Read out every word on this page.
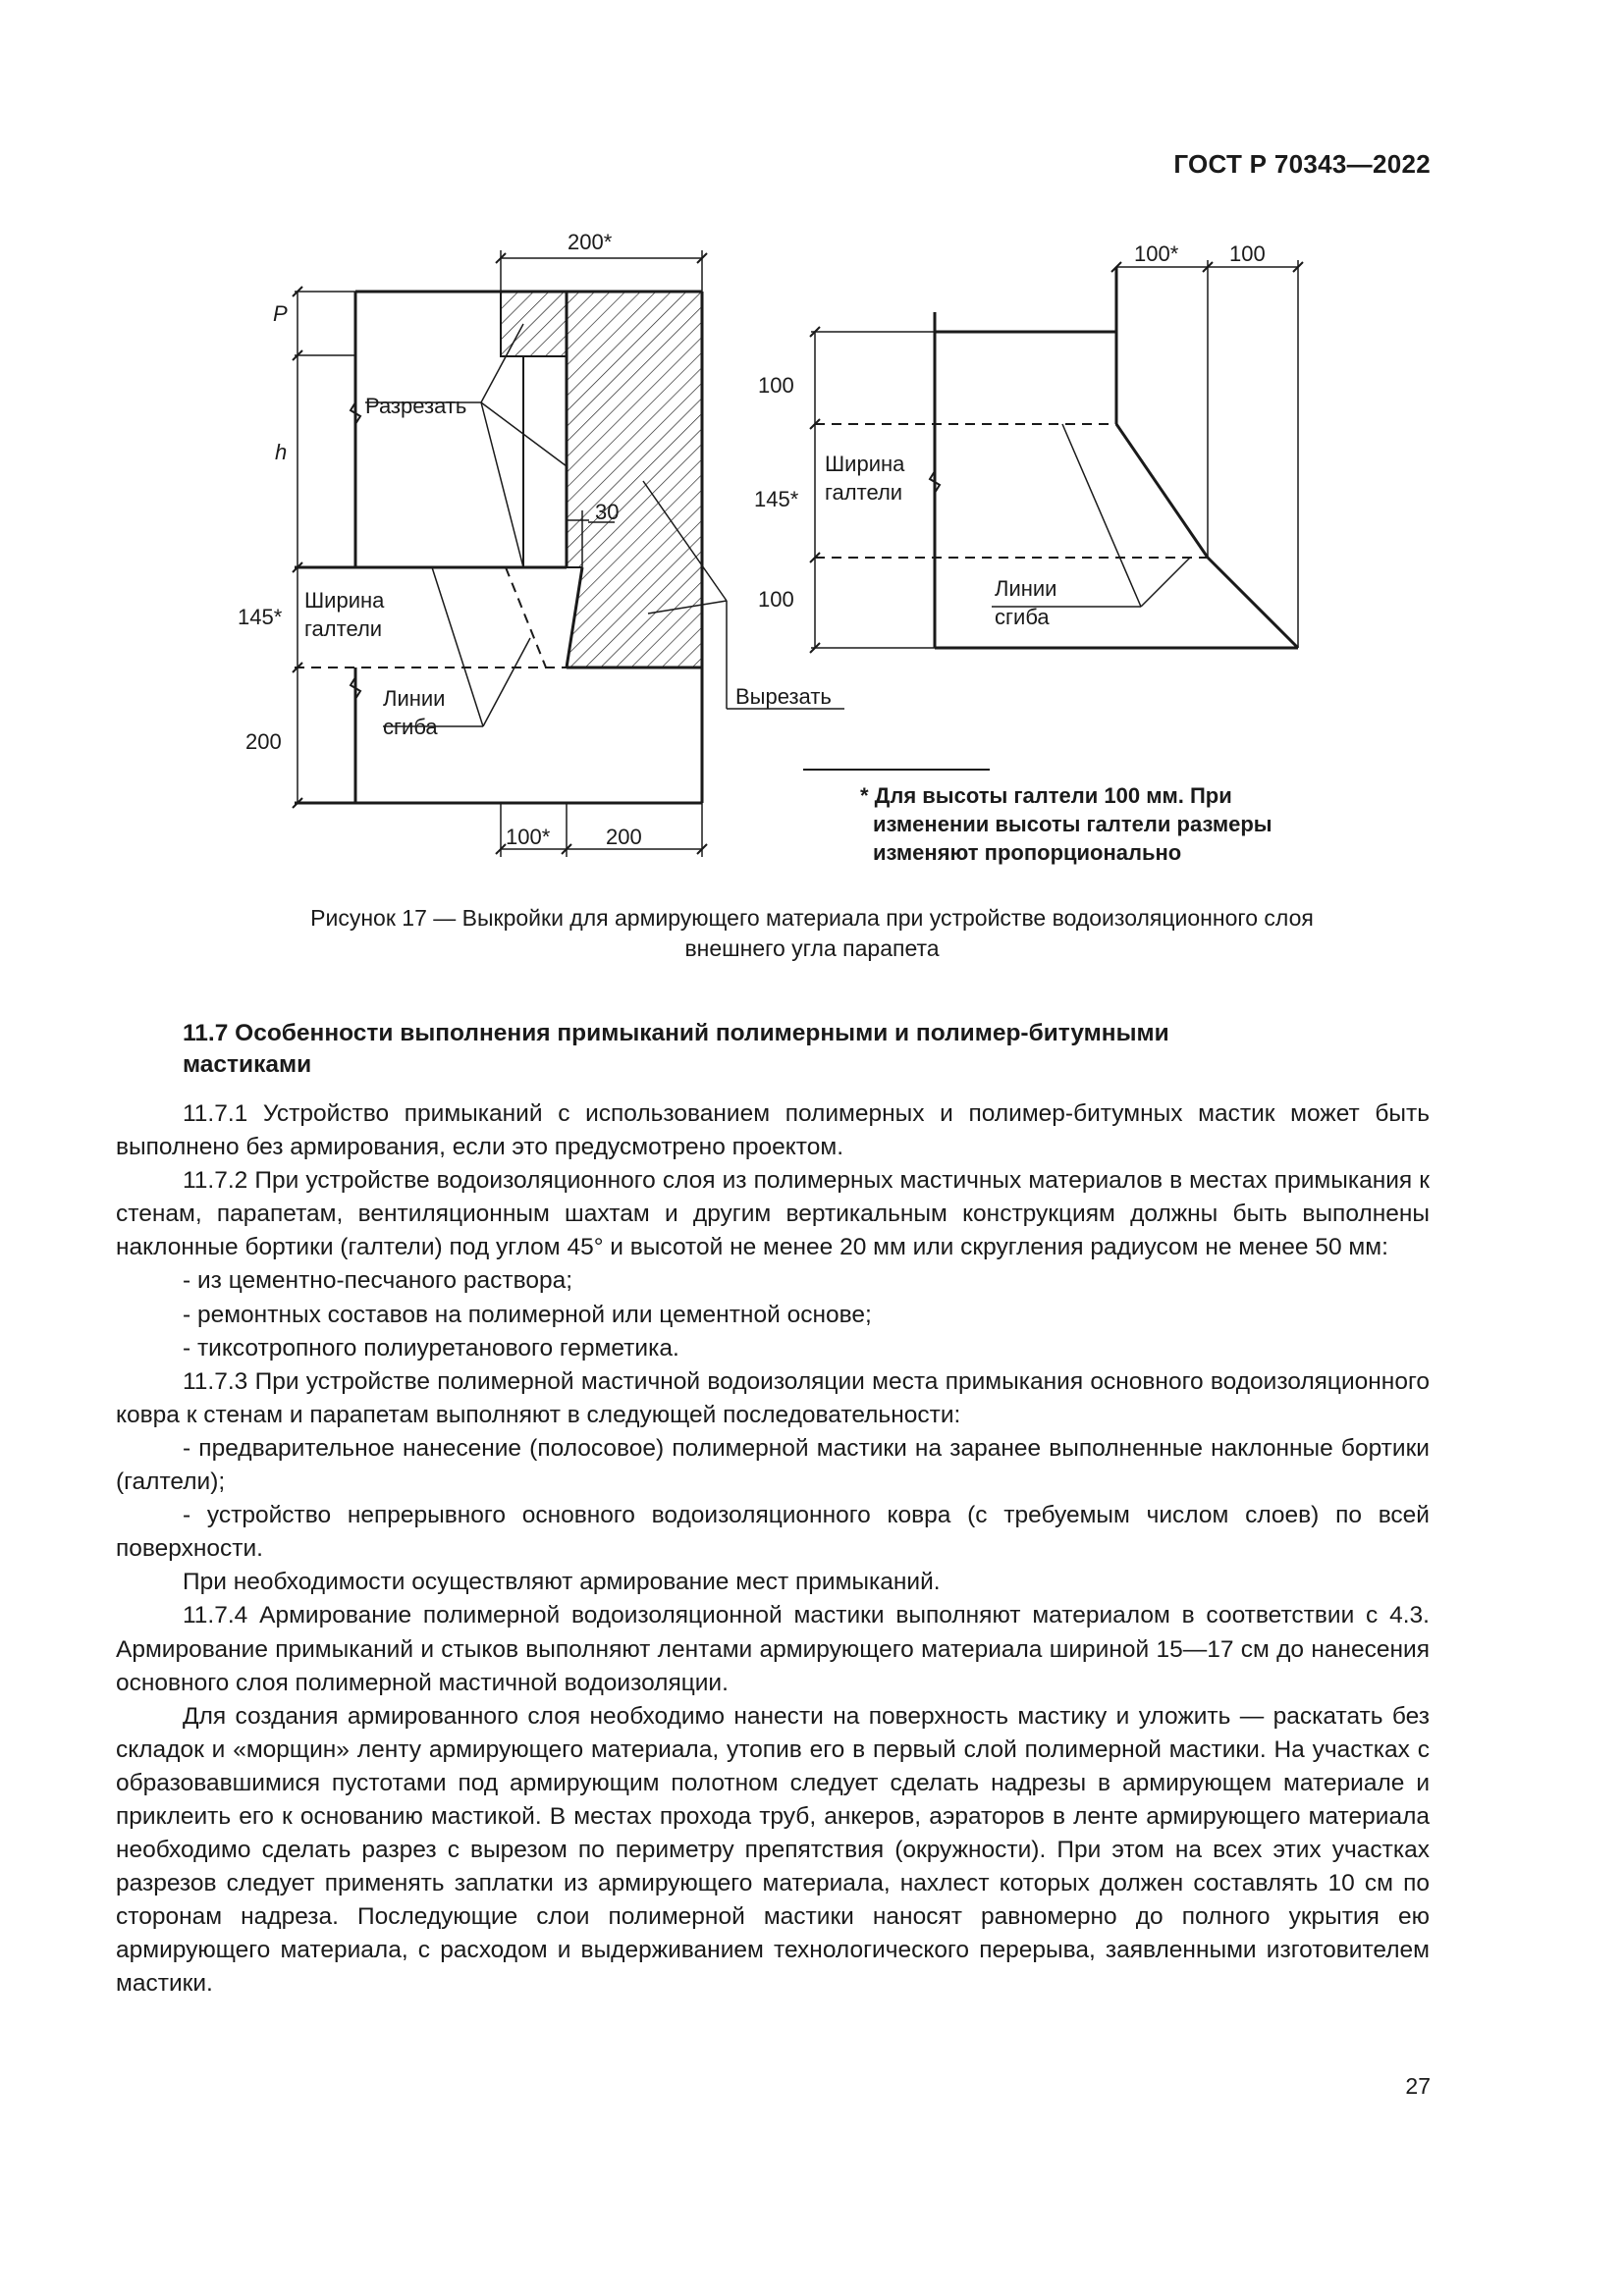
ГОСТ Р 70343—2022
200*
P
h
145*
200
100*	200
Разрезать
30
Ширина
галтели
Линии
сгиба
Вырезать
100* 100
100
145*
100
Ширина
галтели
Линии
сгиба
* Для высоты галтели 100 мм. При
изменении высоты галтели размеры
изменяют пропорционально
Рисунок 17 — Выкройки для армирующего материала при устройстве водоизоляционного слоя
внешнего угла парапета
11.7 Особенности выполнения примыканий полимерными и полимер-битумными
мастиками

11.7.1 Устройство примыканий с использованием полимерных и полимер-битумных мастик может быть выполнено без армирования, если это предусмотрено проектом.

11.7.2 При устройстве водоизоляционного слоя из полимерных мастичных материалов в местах примыкания к стенам, парапетам, вентиляционным шахтам и другим вертикальным конструкциям должны быть выполнены наклонные бортики (галтели) под углом 45° и высотой не менее 20 мм или скругления радиусом не менее 50 мм:

- из цементно-песчаного раствора;

- ремонтных составов на полимерной или цементной основе;

- тиксотропного полиуретанового герметика.

11.7.3 При устройстве полимерной мастичной водоизоляции места примыкания основного водоизоляционного ковра к стенам и парапетам выполняют в следующей последовательности:

- предварительное нанесение (полосовое) полимерной мастики на заранее выполненные наклонные бортики (галтели);

- устройство непрерывного основного водоизоляционного ковра (с требуемым числом слоев) по всей поверхности.

При необходимости осуществляют армирование мест примыканий.

11.7.4 Армирование полимерной водоизоляционной мастики выполняют материалом в соответствии с 4.3. Армирование примыканий и стыков выполняют лентами армирующего материала шириной 15—17 см до нанесения основного слоя полимерной мастичной водоизоляции.

Для создания армированного слоя необходимо нанести на поверхность мастику и уложить — раскатать без складок и «морщин» ленту армирующего материала, утопив его в первый слой полимерной мастики. На участках с образовавшимися пустотами под армирующим полотном следует сделать надрезы в армирующем материале и приклеить его к основанию мастикой. В местах прохода труб, анкеров, аэраторов в ленте армирующего материала необходимо сделать разрез с вырезом по периметру препятствия (окружности). При этом на всех этих участках разрезов следует применять заплатки из армирующего материала, нахлест которых должен составлять 10 см по сторонам надреза. Последующие слои полимерной мастики наносят равномерно до полного укрытия ею армирующего материала, с расходом и выдерживанием технологического перерыва, заявленными изготовителем мастики.

27
